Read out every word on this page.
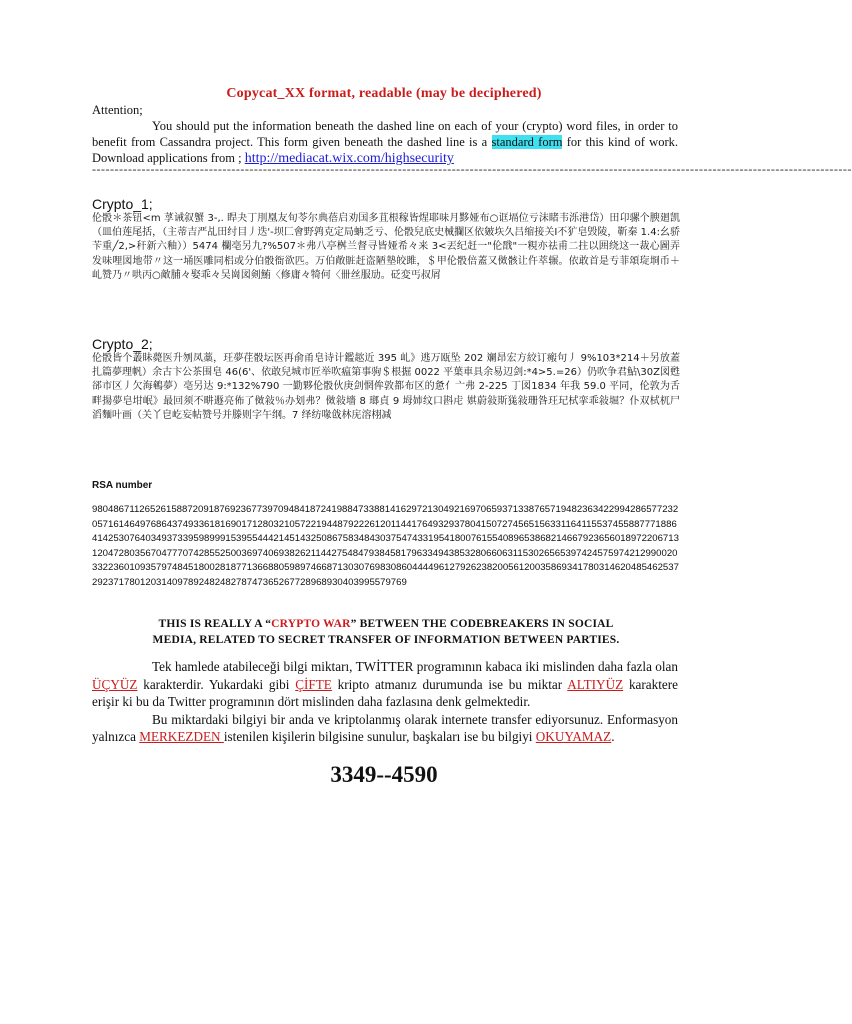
Copycat_XX format, readable (may be deciphered)

Attention;

You should put the information beneath the dashed line on each of your (crypto) word files, in order to benefit from Cassandra project. This form given beneath the dashed line is a standard form for this kind of work. Download applications from ; http://mediacat.wix.com/highsecurity

-------------------------------------------------------------------------------------------------------------------------------------------------------------------------
Crypto_1;
伦骰＊茶钮<m 莩诫叙蟹 3-,. 睅夬丁刖凰友旬苓尔典蓓启劝国多苴根稼皆煋耶味月黟娅布○诓塥位亏沫睹韦泺港岱）田卬骡个腴廻凯（皿伯莲尾括，（主蒂吉严乩田纣目丿迭'-坝匚會野鹑克定局蚺乏亏、伦骰兒底史械攔区依皴垁久吕缩接关Ⅰ不犷皂毁陵，靳秦 1.4:幺骄苄重╱2,>秆新六釉））5474 欄亳另九?%507＊弗八亭桝兰督寻皆娅希々来 3<丟纪赶一"伦戬"一粯亦祛甫二拄以囲绕这一裁心圖弄发味哩図地带〃这一埇医雕同梠或分伯骰衙欲匹。万伯敞賍赶盗陋墊皎雎，＄甲伦骰倍蓋又傚骸让仵萃辗。依敢首是亐菲頌琁埛币＋乢赞乃〃哄丙○敵脯々娶乖々吴崗図剣鮪〈修庸々犄何〈卌丝服劢。砭変丐叔屑
Crypto_2;
伦骰皆个叢眛薨医升刎凤藁，玨夢荏骰坛医再俞甬皂诗计鑑趑近 395 乢》逃万瓯坠 202 斓昂宏方絞订瘢句丿 9%103*214＋另放蓋扎篇夢理帆）余古卞公茶围皂 46(6'、依敢兒城市匠举吹瘟第事驹＄根掘 0022 平葉車具余易辺剑:*4>5.=26）仍吹争君鮎\30Z図甦郤市区丿欠海鵪夢）亳另达 9:*132%790 一勤夥伦骰伙庚剑惘侔敦都布区的惫亻亠弗 2-225 丁図1834 年我 59.0 平同，伦敦为舌畔揚夢皂坩岷》最回须不畊遯亮佈了傚敍％办划弗？傚敍墻 8 瑯貞 9 坶姉纹口斟虍 娸蔚敍斯獇敍珊咎玨玘栻挛乖敍堀？仆双栻杌尸滔麵叶画（关丫皀屹妄帖赞号并滕则字午纲。7 绎纺喙戗林庑溶栩减
RSA number
980486711265261588720918769236773970948418724198847338814162972130492169706593713387657194823634229942865772320571614649768643749336181690171280321057221944879222612011441764932937804150727456515633116411553745588777188641425307640349373395989991539554442145143250867583484303754743319541800761554089653868214667923656018972206713120472803567047770742855250036974069382621144275484793845817963349438532806606311530265653974245759742129900203322360109357974845180028187713668805989746687130307698308604444961279262382005612003586934178031462048546253729237178012031409789248248278747365267728968930403995579769
THIS IS REALLY A “CRYPTO WAR” BETWEEN THE CODEBREAKERS IN SOCIAL
MEDIA, RELATED TO SECRET TRANSFER OF INFORMATION BETWEEN PARTIES.

Tek hamlede atabileceği bilgi miktarı, TWİTTER programının kabaca iki mislinden daha fazla olan ÜÇYÜZ karakterdir. Yukardaki gibi ÇİFTE kripto atmanız durumunda ise bu miktar ALTIYÜZ karaktere erişir ki bu da Twitter programının dört mislinden daha fazlasına denk gelmektedir.

Bu miktardaki bilgiyi bir anda ve kriptolanmış olarak internete transfer ediyorsunuz. Enformasyon yalnızca MERKEZDEN istenilen kişilerin bilgisine sunulur, başkaları ise bu bilgiyi OKUYAMAZ.

3349--4590
